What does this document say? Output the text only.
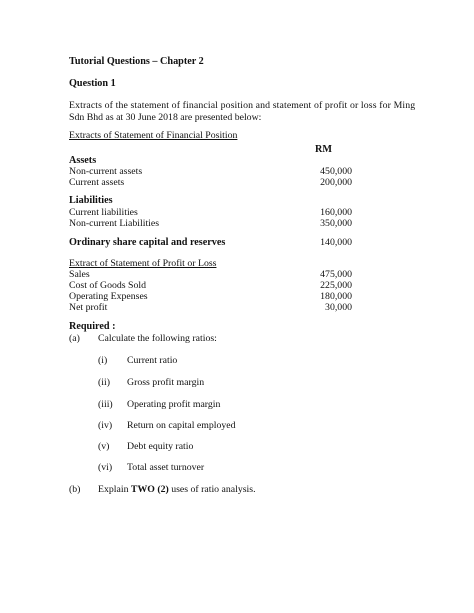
Tutorial Questions – Chapter 2
Question 1
Extracts of the statement of financial position and statement of profit or loss for Ming
Sdn Bhd as at 30 June 2018 are presented below:
Extracts of Statement of Financial Position
RM
Assets
Non-current assets	450,000
Current assets	200,000
Liabilities
Current liabilities	160,000
Non-current Liabilities	350,000
Ordinary share capital and reserves	140,000
Extract of Statement of Profit or Loss
Sales	475,000
Cost of Goods Sold	225,000
Operating Expenses	180,000
Net profit	30,000
Required :
(a) Calculate the following ratios:
(i) Current ratio
(ii) Gross profit margin
(iii) Operating profit margin
(iv) Return on capital employed
(v) Debt equity ratio
(vi) Total asset turnover
(b) Explain TWO (2) uses of ratio analysis.
